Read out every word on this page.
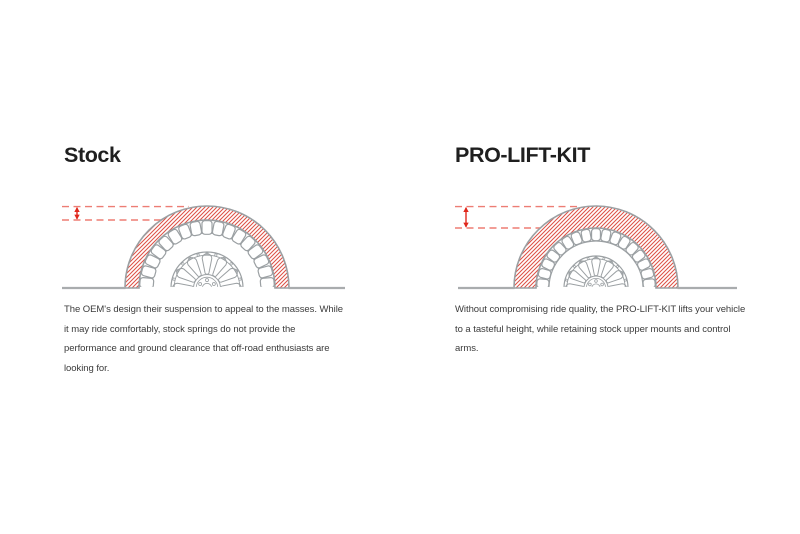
Stock	PRO-LIFT-KIT

The OEM's design their suspension to appeal to the masses. While it may ride comfortably, stock springs do not provide the performance and ground clearance that off-road enthusiasts are looking for.

Without compromising ride quality, the PRO-LIFT-KIT lifts your vehicle to a tasteful height, while retaining stock upper mounts and control arms.
